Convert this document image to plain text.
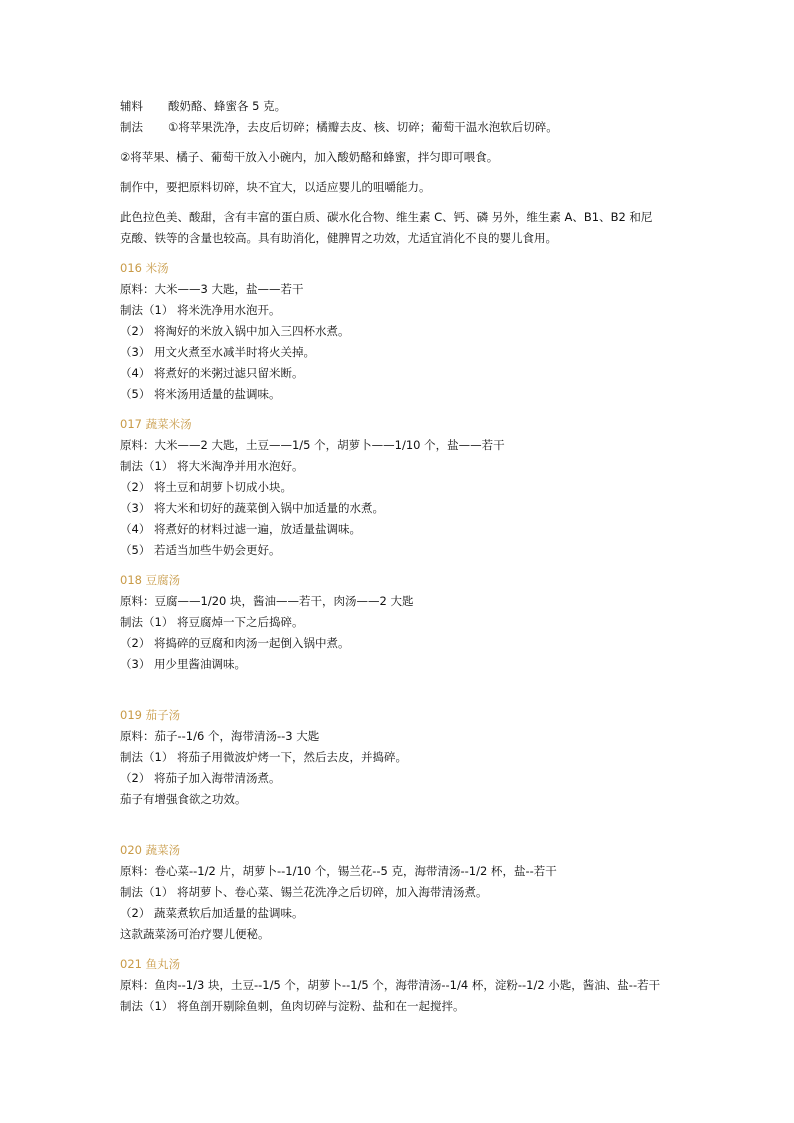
辅料 酸奶酪、蜂蜜各 5 克。
制法 ①将苹果洗净，去皮后切碎；橘瓣去皮、核、切碎；葡萄干温水泡软后切碎。
②将苹果、橘子、葡萄干放入小碗内，加入酸奶酪和蜂蜜，拌匀即可喂食。
制作中，要把原料切碎，块不宜大，以适应婴儿的咀嚼能力。
此色拉色美、酸甜，含有丰富的蛋白质、碳水化合物、维生素 C、钙、磷 另外，维生素 A、B1、B2 和尼
克酸、铁等的含量也较高。具有助消化，健脾胃之功效，尤适宜消化不良的婴儿食用。
016 米汤
原料：大米——3 大匙，盐——若干
制法（1） 将米洗净用水泡开。
（2） 将淘好的米放入锅中加入三四杯水煮。
（3） 用文火煮至水减半时将火关掉。
（4） 将煮好的米粥过滤只留米断。
（5） 将米汤用适量的盐调味。
017 蔬菜米汤
原料：大米——2 大匙，土豆——1/5 个，胡萝卜——1/10 个，盐——若干
制法（1） 将大米淘净并用水泡好。
（2） 将土豆和胡萝卜切成小块。
（3） 将大米和切好的蔬菜倒入锅中加适量的水煮。
（4） 将煮好的材料过滤一遍，放适量盐调味。
（5） 若适当加些牛奶会更好。
018 豆腐汤
原料：豆腐——1/20 块，酱油——若干，肉汤——2 大匙
制法（1） 将豆腐焯一下之后捣碎。
（2） 将捣碎的豆腐和肉汤一起倒入锅中煮。
（3） 用少里酱油调味。
019 茄子汤
原料：茄子--1/6 个，海带清汤--3 大匙
制法（1） 将茄子用微波炉烤一下，然后去皮，并捣碎。
（2） 将茄子加入海带清汤煮。
茄子有增强食欲之功效。
020 蔬菜汤
原料：卷心菜--1/2 片，胡萝卜--1/10 个，锡兰花--5 克，海带清汤--1/2 杯，盐--若干
制法（1） 将胡萝卜、卷心菜、锡兰花洗净之后切碎，加入海带清汤煮。
（2） 蔬菜煮软后加适量的盐调味。
这款蔬菜汤可治疗婴儿便秘。
021 鱼丸汤
原料：鱼肉--1/3 块，土豆--1/5 个，胡萝卜--1/5 个，海带清汤--1/4 杯，淀粉--1/2 小匙，酱油、盐--若干
制法（1） 将鱼剖开剔除鱼刺，鱼肉切碎与淀粉、盐和在一起搅拌。
